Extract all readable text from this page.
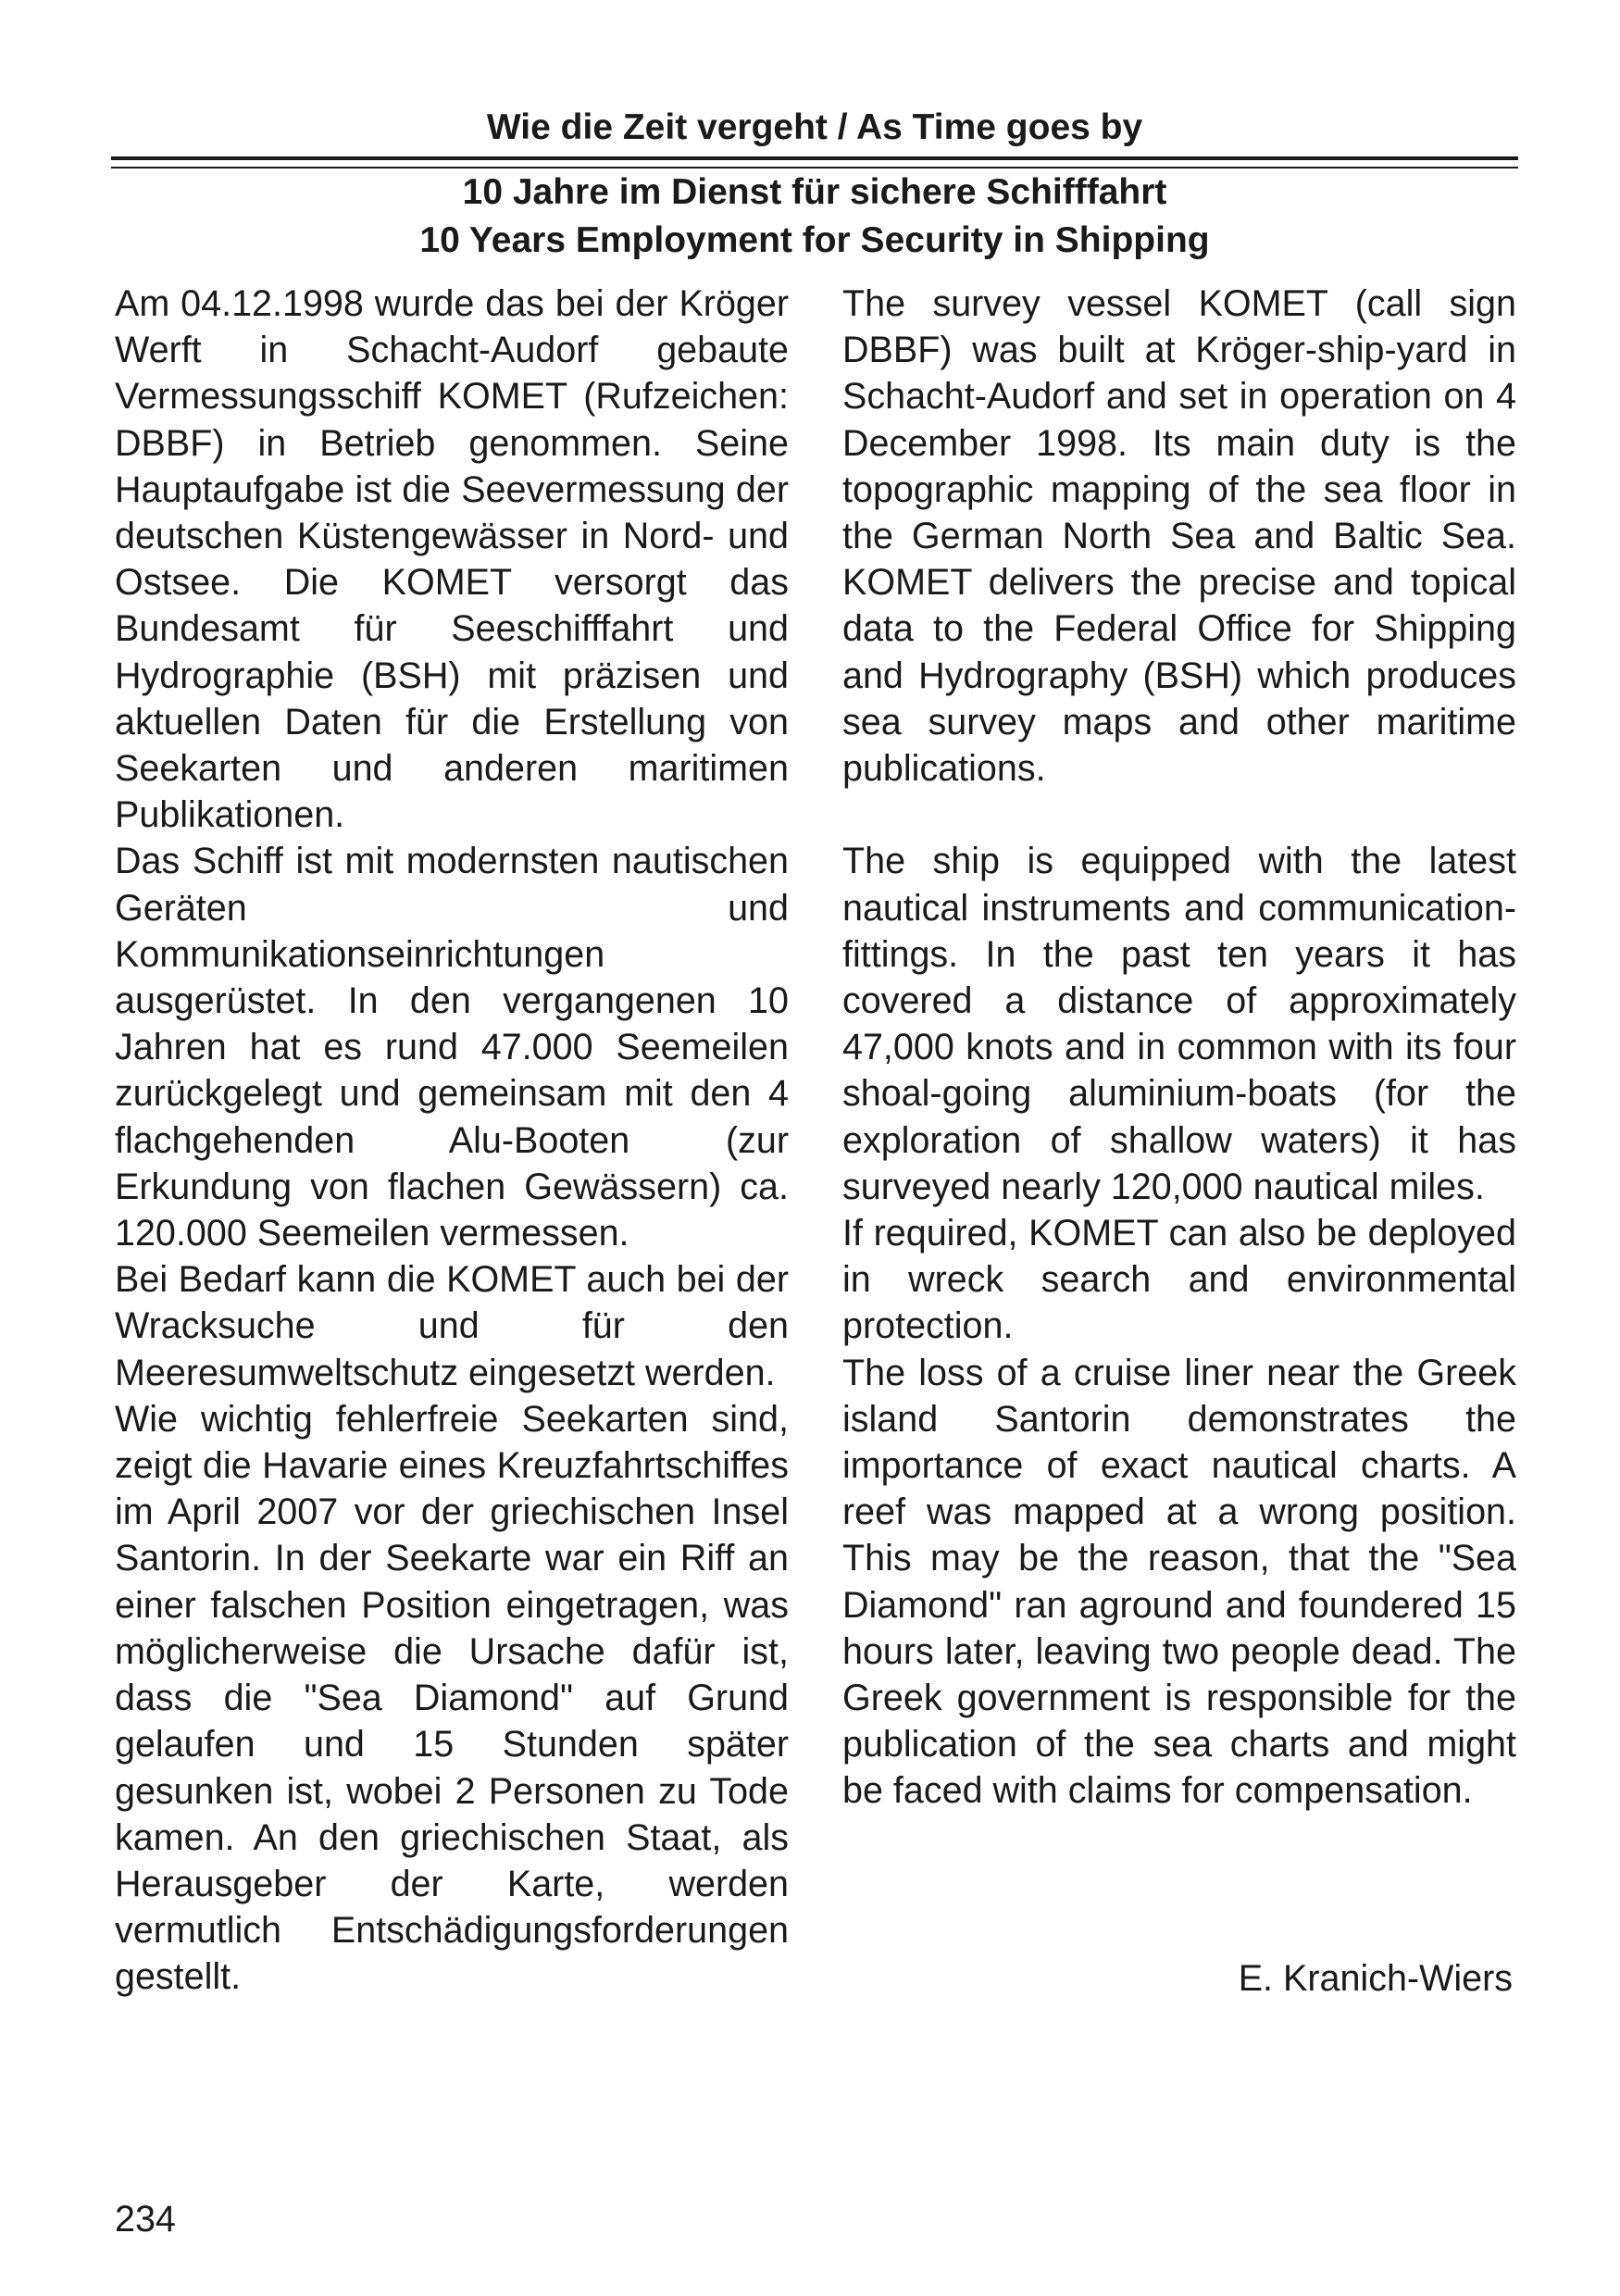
Wie die Zeit vergeht / As Time goes by
10 Jahre im Dienst für sichere Schifffahrt
10 Years Employment for Security in Shipping

Am 04.12.1998 wurde das bei der Kröger Werft in Schacht-Audorf gebaute Vermessungsschiff KOMET (Rufzeichen: DBBF) in Betrieb genommen. Seine Hauptaufgabe ist die Seevermessung der deutschen Küstengewässer in Nord- und Ostsee. Die KOMET versorgt das Bundesamt für Seeschifffahrt und Hydrographie (BSH) mit präzisen und aktuellen Daten für die Erstellung von Seekarten und anderen maritimen Publikationen.

Das Schiff ist mit modernsten nautischen Geräten und Kommunikationseinrichtungen ausgerüstet. In den vergangenen 10 Jahren hat es rund 47.000 Seemeilen zurückgelegt und gemeinsam mit den 4 flachgehenden Alu-Booten (zur Erkundung von flachen Gewässern) ca. 120.000 Seemeilen vermessen.

Bei Bedarf kann die KOMET auch bei der Wracksuche und für den Meeresumweltschutz eingesetzt werden.

Wie wichtig fehlerfreie Seekarten sind, zeigt die Havarie eines Kreuzfahrtschiffes im April 2007 vor der griechischen Insel Santorin. In der Seekarte war ein Riff an einer falschen Position eingetragen, was möglicherweise die Ursache dafür ist, dass die "Sea Diamond" auf Grund gelaufen und 15 Stunden später gesunken ist, wobei 2 Personen zu Tode kamen. An den griechischen Staat, als Herausgeber der Karte, werden vermutlich Entschädigungsforderungen gestellt.

The survey vessel KOMET (call sign DBBF) was built at Kröger-ship-yard in Schacht-Audorf and set in operation on 4 December 1998. Its main duty is the topographic mapping of the sea floor in the German North Sea and Baltic Sea. KOMET delivers the precise and topical data to the Federal Office for Shipping and Hydrography (BSH) which produces sea survey maps and other maritime publications.

The ship is equipped with the latest nautical instruments and communication-fittings. In the past ten years it has covered a distance of approximately 47,000 knots and in common with its four shoal-going aluminium-boats (for the exploration of shallow waters) it has surveyed nearly 120,000 nautical miles.

If required, KOMET can also be deployed in wreck search and environmental protection.

The loss of a cruise liner near the Greek island Santorin demonstrates the importance of exact nautical charts. A reef was mapped at a wrong position. This may be the reason, that the "Sea Diamond" ran aground and foundered 15 hours later, leaving two people dead. The Greek government is responsible for the publication of the sea charts and might be faced with claims for compensation.

E. Kranich-Wiers
234
